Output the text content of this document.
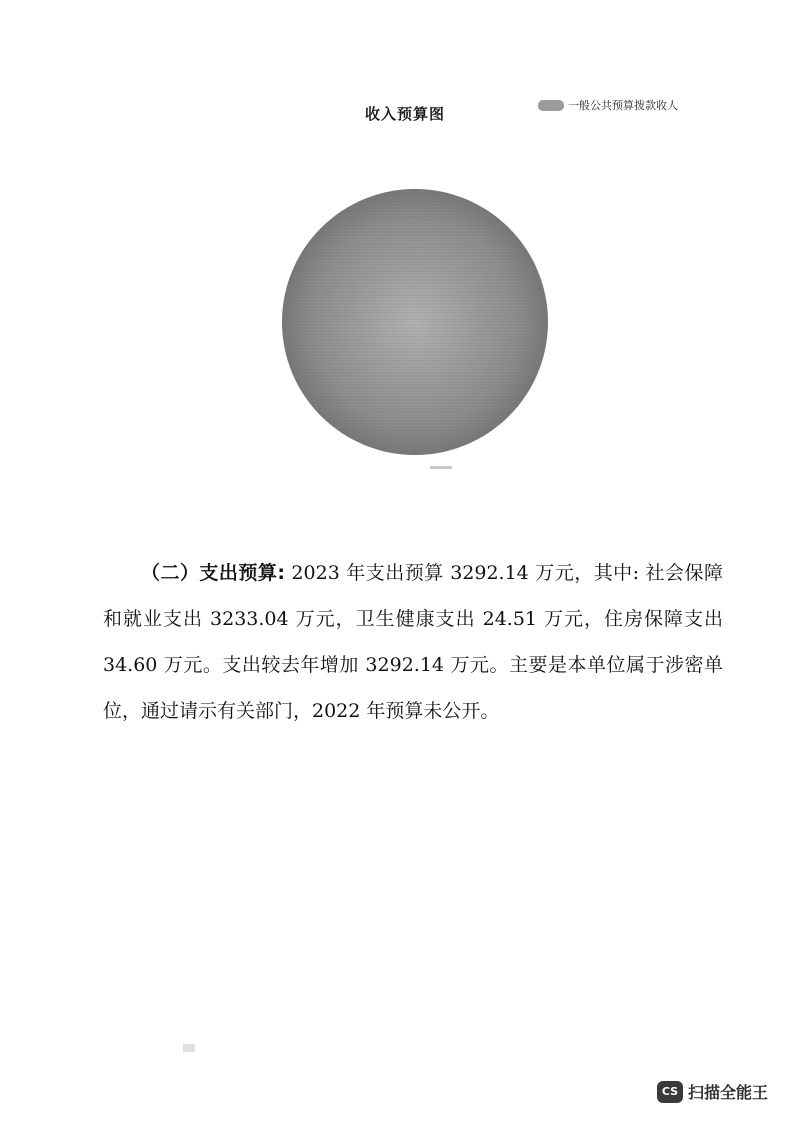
收入预算图	一般公共预算拨款收人
（二）支出预算: 2023 年支出预算 3292.14 万元，其中: 社会保障和就业支出 3233.04 万元，卫生健康支出 24.51 万元，住房保障支出 34.60 万元。支出较去年增加 3292.14 万元。主要是本单位属于涉密单位，通过请示有关部门，2022 年预算未公开。
CS 扫描全能王
